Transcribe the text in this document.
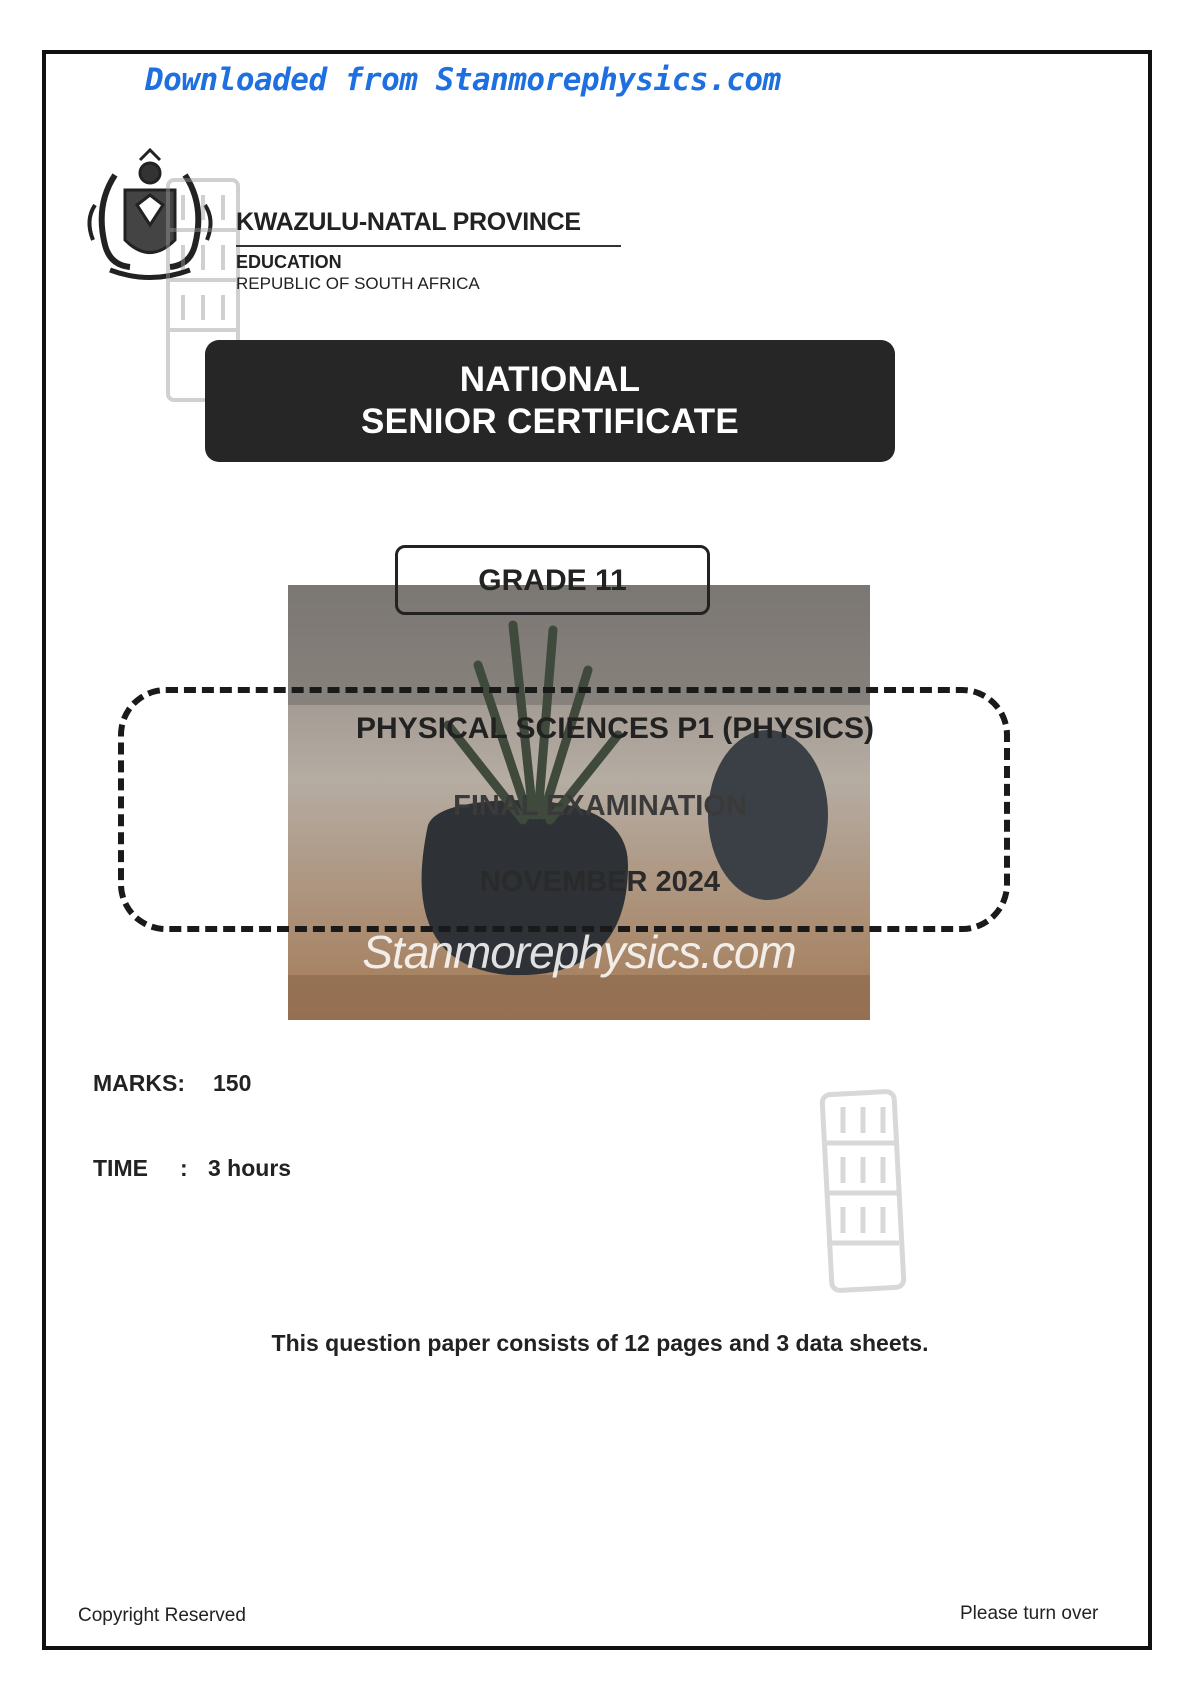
Downloaded from Stanmorephysics.com
KWAZULU-NATAL PROVINCE
EDUCATION
REPUBLIC OF SOUTH AFRICA
NATIONAL
SENIOR CERTIFICATE
GRADE 11
PHYSICAL SCIENCES P1 (PHYSICS)
FINAL EXAMINATION
NOVEMBER 2024
Stanmorephysics.com
MARKS: 150
TIME : 3 hours
This question paper consists of 12 pages and 3 data sheets.
Copyright Reserved	Please turn over
